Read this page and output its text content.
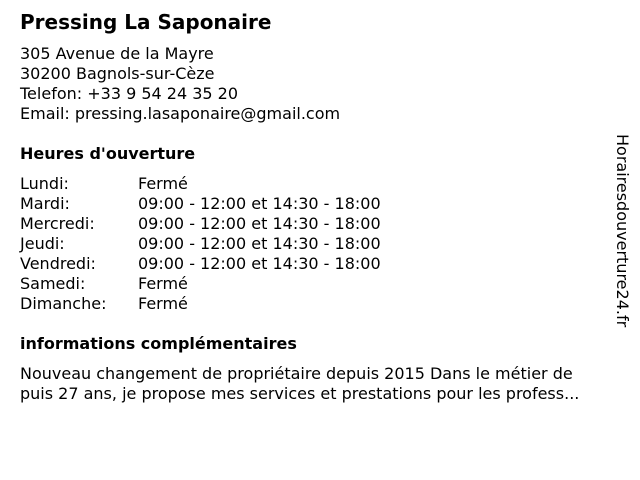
Pressing La Saponaire
305 Avenue de la Mayre
30200 Bagnols-sur-Cèze
Telefon: +33 9 54 24 35 20
Email: pressing.lasaponaire@gmail.com
Heures d'ouverture
Lundi:	Fermé
Mardi:	09:00 - 12:00 et 14:30 - 18:00
Mercredi:	09:00 - 12:00 et 14:30 - 18:00
Jeudi:	09:00 - 12:00 et 14:30 - 18:00
Vendredi:	09:00 - 12:00 et 14:30 - 18:00
Samedi:	Fermé
Dimanche:	Fermé
informations complémentaires
Nouveau changement de propriétaire depuis 2015 Dans le métier de
puis 27 ans, je propose mes services et prestations pour les profess...
Horairesdouverture24.fr
